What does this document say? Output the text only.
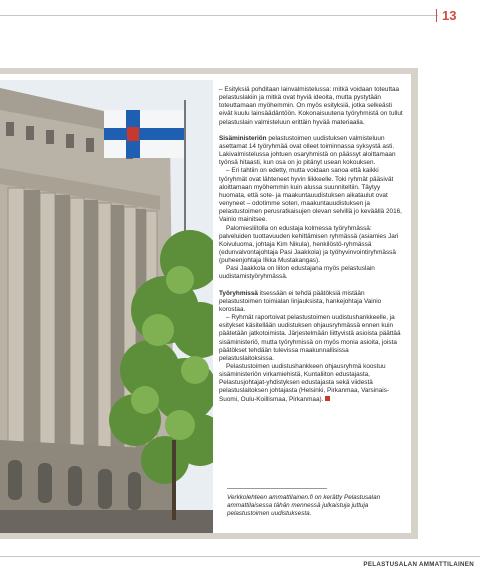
13

– Esityksiä pohditaan lainvalmistelussa: mitkä voidaan toteuttaa pelastuslakiin ja mitkä ovat hyviä ideoita, mutta pystytään toteuttamaan myöhemmin. On myös esityksiä, jotka selkeästi eivät kuulu lainsäädäntöön. Kokonaisuutena työryhmistä on tullut pelastuslain valmisteluun erittäin hyvää materiaalia.

Sisäministeriön pelastustoimen uudistuksen valmisteluun asettamat 14 työryhmää ovat olleet toiminnassa syksystä asti. Lakivalmistelussa johtuen osaryhmistä on päässyt aloittamaan työnsä hitaasti, kun osa on jo pitänyt usean kokouksen.

– Eri tahtiin on edetty, mutta voidaan sanoa että kaikki työryhmät ovat lähteneet hyvin liikkeelle. Toki ryhmät pääsivät aloittamaan myöhemmin kuin alussa suunniteltiin. Täytyy huomata, että sote- ja maakuntauudistuksen aikataulut ovat venyneet – odotimme soten, maakuntauudistuksen ja pelastustoimen perusratkaisujen olevan selvillä jo keväällä 2016, Vainio mainitsee.

Palomiesliitolla on edustaja kolmessa työryhmässä: palveluiden tuottavuuden kehittämisen ryhmässä (asiamies Jari Koivuluoma, johtaja Kim Nikula), henkilöstö-ryhmässä (edunvalvontajohtaja Pasi Jaakkola) ja työhyvinvointiryhmässä (puheenjohtaja Ilkka Mustakangas).

Pasi Jaakkola on liiton edustajana myös pelastuslain uudistamistyöryhmässä.

Työryhmissä itsessään ei tehdä päätöksiä mistään pelastustoimen toimialan linjauksista, hankejohtaja Vainio korostaa.

– Ryhmät raportoivat pelastustoimen uudistushankkeelle, ja esitykset käsitellään uudistuksen ohjausryhmässä ennen kuin päätetään jatkotoimista. Järjestelmään liittyvistä asioista päättää sisäministeriö, mutta työryhmissä on myös monia asioita, joista päätökset tehdään tulevissa maakunnallisissa pelastuslaitoksissa.

Pelastustoimen uudistushankkeen ohjausryhmä koostuu sisäministeriön virkamiehistä, Kuntaliiton edustajasta, Pelastusjohtajat-yhdistyksen edustajasta sekä viidestä pelastuslaitoksen johtajasta (Helsinki, Pirkanmaa, Varsinais-Suomi, Oulu-Koillismaa, Pirkanmaa).

Verkkolehteen ammattilainen.fi on kerätty Pelastusalan ammattilaisessa tähän mennessä julkaistuja juttuja pelastustoimen uudistuksesta.
PELASTUSALAN AMMATTILAINEN
